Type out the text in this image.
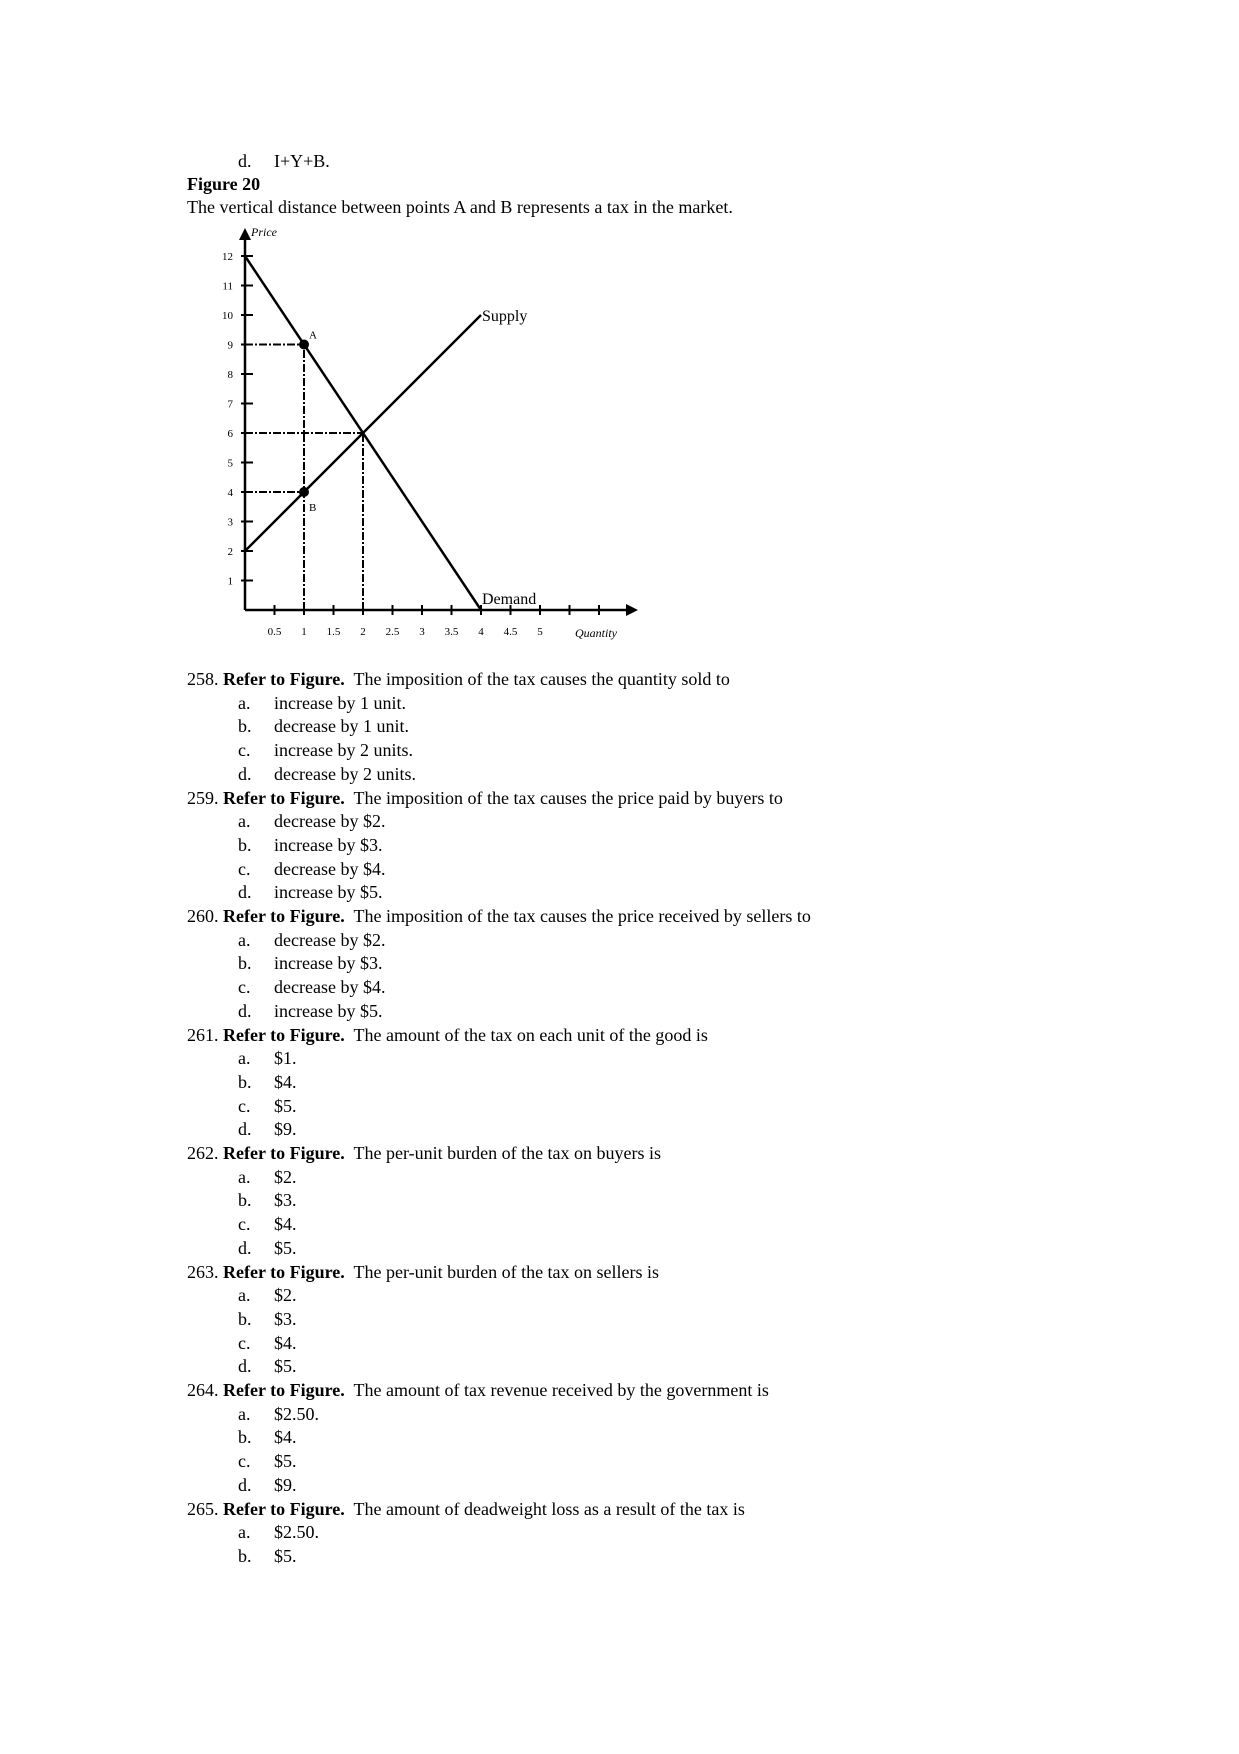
d.	I+Y+B.
Figure 20
The vertical distance between points A and B represents a tax in the market.
Price
Quantity
1
2
3
4
5
6
7
8
9
10
11
12
0.5 1 1.5 2 2.5 3 3.5 4 4.5 5
Supply
Demand
A
B
258. Refer to Figure. The imposition of the tax causes the quantity sold to
a.	increase by 1 unit.
b.	decrease by 1 unit.
c.	increase by 2 units.
d.	decrease by 2 units.
259. Refer to Figure. The imposition of the tax causes the price paid by buyers to
a.	decrease by $2.
b.	increase by $3.
c.	decrease by $4.
d.	increase by $5.
260. Refer to Figure. The imposition of the tax causes the price received by sellers to
a.	decrease by $2.
b.	increase by $3.
c.	decrease by $4.
d.	increase by $5.
261. Refer to Figure. The amount of the tax on each unit of the good is
a.	$1.
b.	$4.
c.	$5.
d.	$9.
262. Refer to Figure. The per-unit burden of the tax on buyers is
a.	$2.
b.	$3.
c.	$4.
d.	$5.
263. Refer to Figure. The per-unit burden of the tax on sellers is
a.	$2.
b.	$3.
c.	$4.
d.	$5.
264. Refer to Figure. The amount of tax revenue received by the government is
a.	$2.50.
b.	$4.
c.	$5.
d.	$9.
265. Refer to Figure. The amount of deadweight loss as a result of the tax is
a.	$2.50.
b.	$5.
